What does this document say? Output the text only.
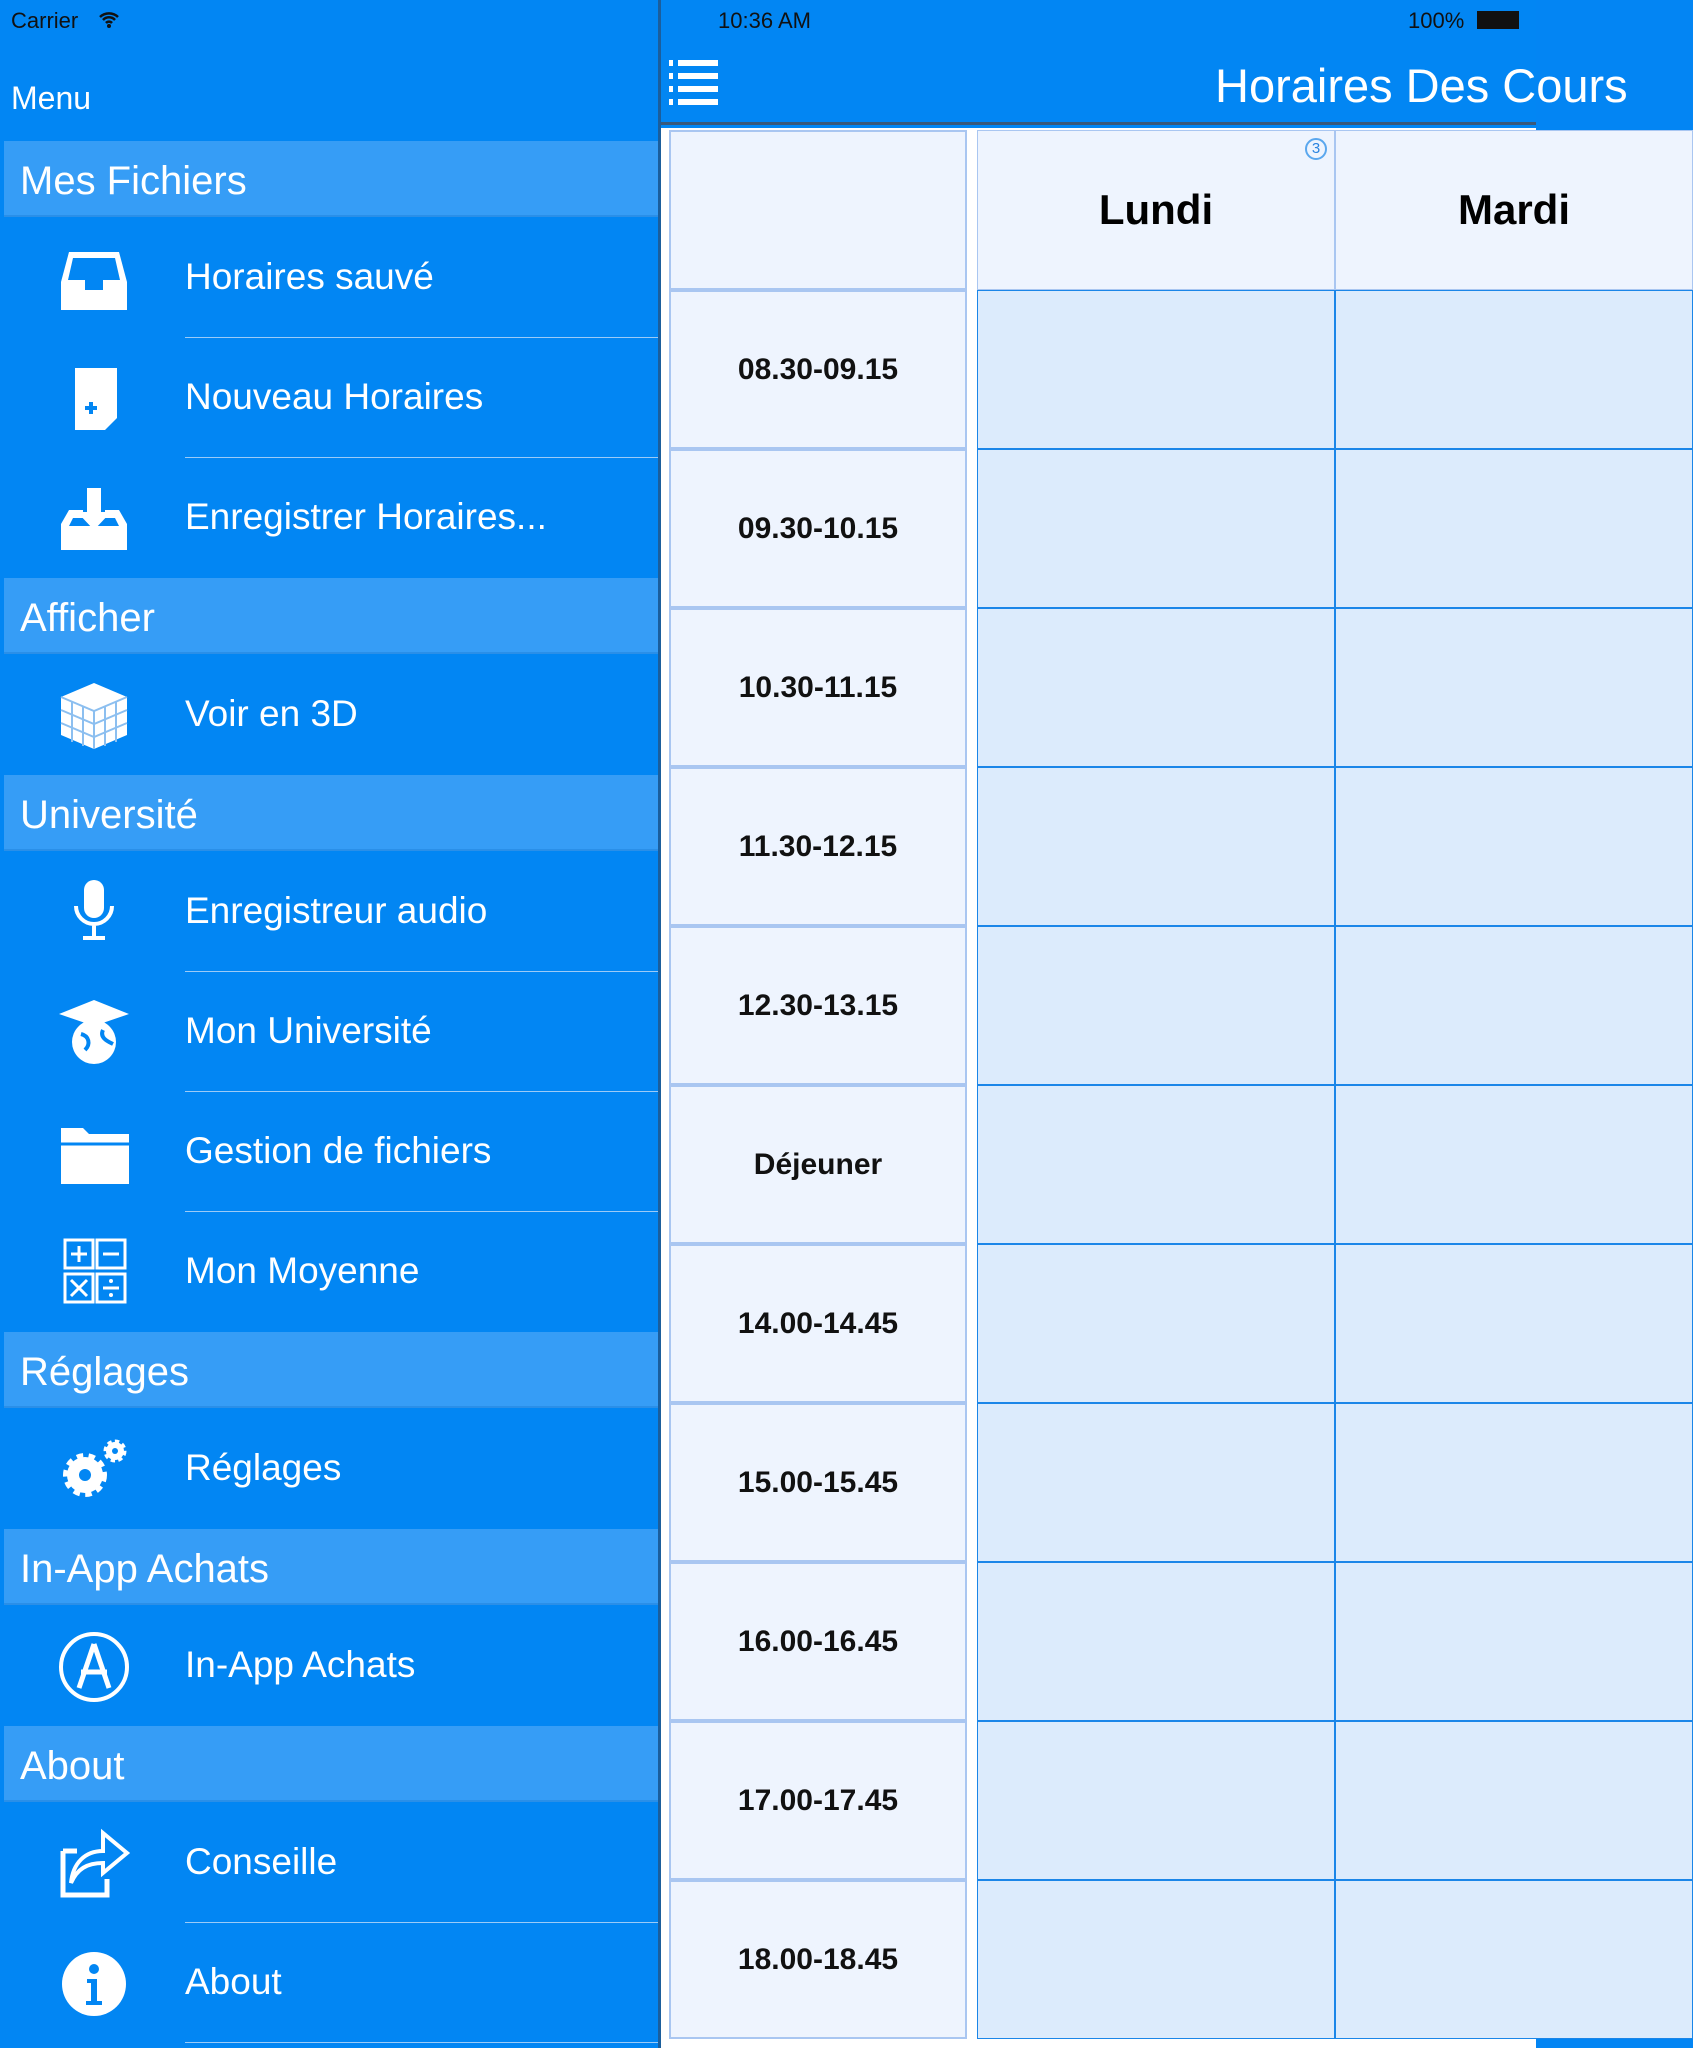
Carrier
Menu
Mes Fichiers
Horaires sauvé
Nouveau Horaires
Enregistrer Horaires...
Afficher
Voir en 3D
Université
Enregistreur audio
Mon Université
Gestion de fichiers
Mon Moyenne
Réglages
Réglages
In-App Achats
In-App Achats
About
Conseille
About
10:36 AM	100%
Horaires Des Cours
Lundi	Mardi
3
08.30-09.15
09.30-10.15
10.30-11.15
11.30-12.15
12.30-13.15
Déjeuner
14.00-14.45
15.00-15.45
16.00-16.45
17.00-17.45
18.00-18.45
